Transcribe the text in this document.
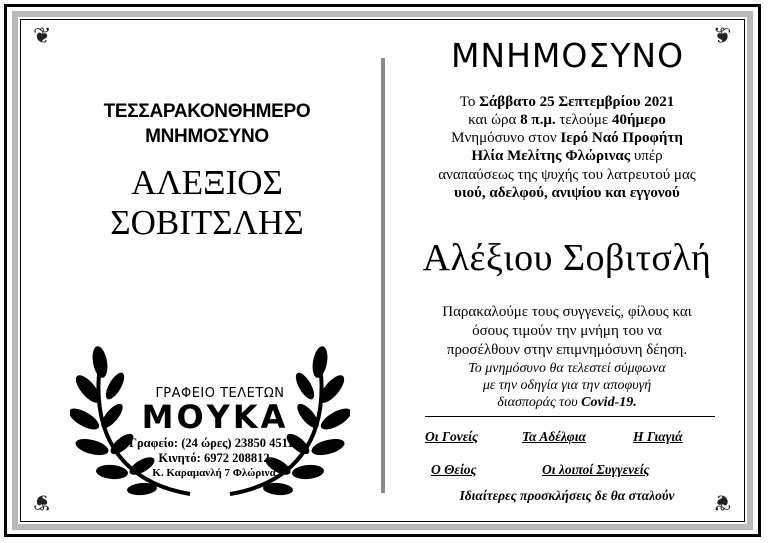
❦	❦
❦	❦
ΤΕΣΣΑΡΑΚΟΝΘΗΜΕΡΟ
ΜΝΗΜΟΣΥΝΟ
ΑΛΕΞΙΟΣ
ΣΟΒΙΤΣΛΗΣ
ΓΡΑΦΕΙΟ ΤΕΛΕΤΩΝ
ΜΟΥΚΑ
Γραφείο: (24 ώρες) 23850 45111
Κινητό: 6972 208812
Κ. Καραμανλή 7 Φλώρινα
ΜΝΗΜΟΣΥΝΟ
Το Σάββατο 25 Σεπτεμβρίου 2021
και ώρα 8 π.μ. τελούμε 40ήμερο
Μνημόσυνο στον Ιερό Ναό Προφήτη
Ηλία Μελίτης Φλώρινας υπέρ
αναπαύσεως της ψυχής του λατρευτού μας
υιού, αδελφού, ανιψίου και εγγονού
Αλέξιου Σοβιτσλή
Παρακαλούμε τους συγγενείς, φίλους και
όσους τιμούν την μνήμη του να
προσέλθουν στην επιμνημόσυνη δέηση.
Το μνημόσυνο θα τελεστεί σύμφωνα
με την οδηγία για την αποφυγή
διασποράς του Covid-19.
Οι Γονείς	Τα Αδέλφια	Η Γιαγιά
Ο Θείος	Οι λοιποί Συγγενείς
Ιδιαίτερες προσκλήσεις δε θα σταλούν
